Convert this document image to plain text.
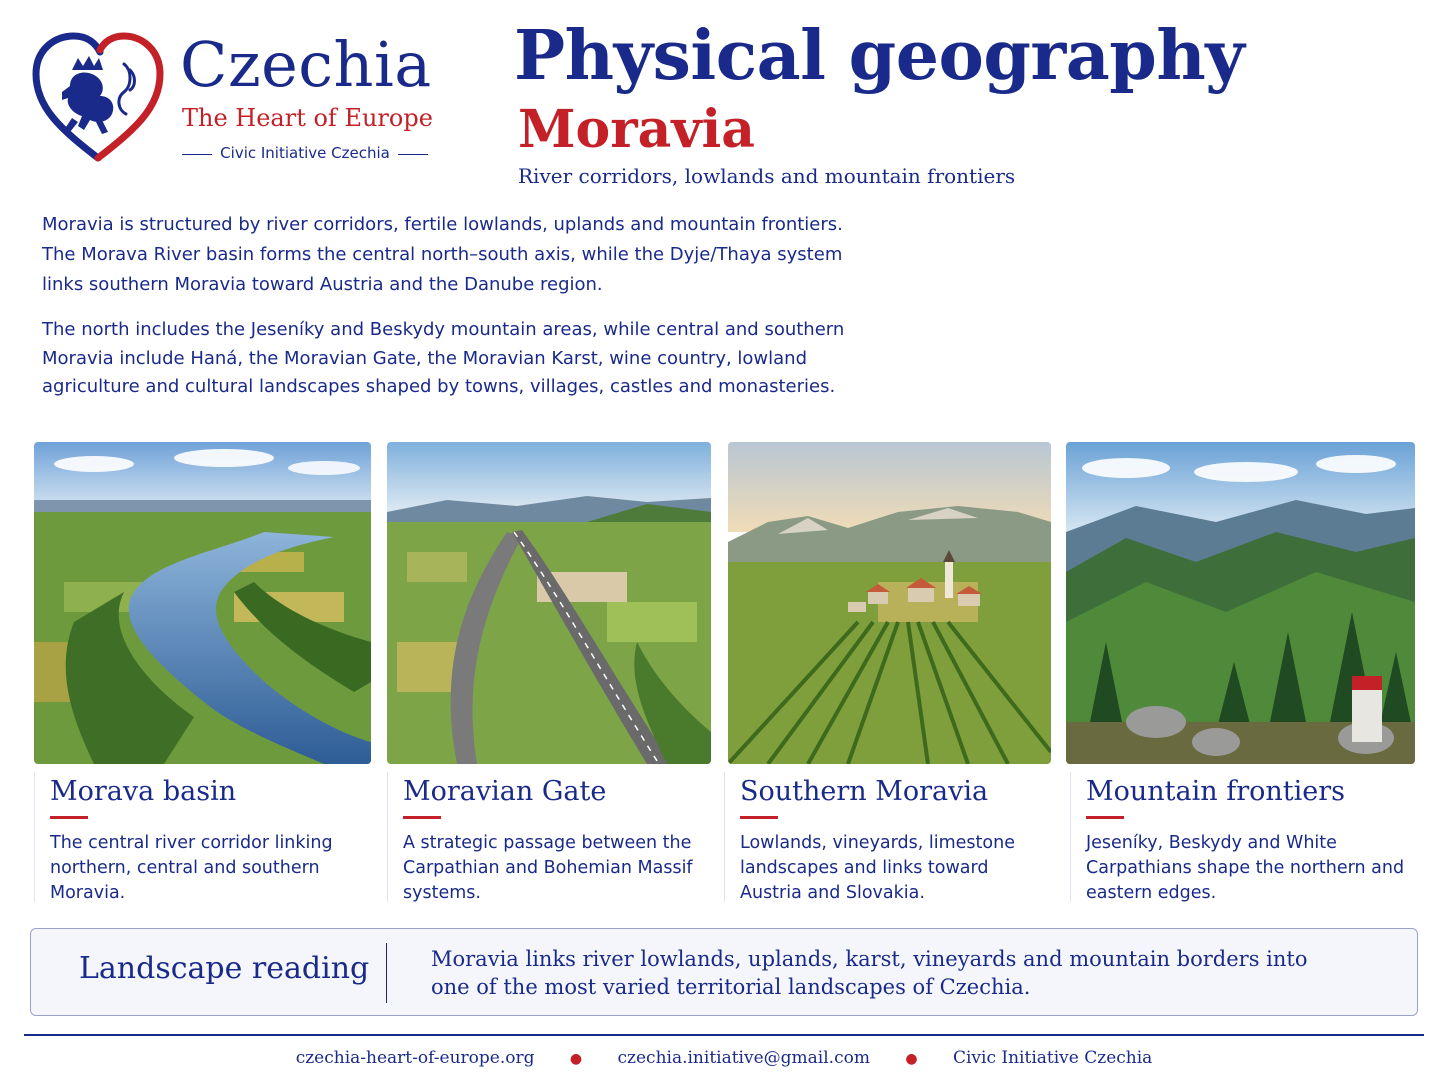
Czechia
The Heart of Europe
Civic Initiative Czechia
Physical geography
Moravia
River corridors, lowlands and mountain frontiers

Moravia is structured by river corridors, fertile lowlands, uplands and mountain frontiers. The Morava River basin forms the central north–south axis, while the Dyje/Thaya system links southern Moravia toward Austria and the Danube region.

The north includes the Jeseníky and Beskydy mountain areas, while central and southern Moravia include Haná, the Moravian Gate, the Moravian Karst, wine country, lowland agriculture and cultural landscapes shaped by towns, villages, castles and monasteries.

Morava basin
The central river corridor linking northern, central and southern Moravia.
Moravian Gate
A strategic passage between the Carpathian and Bohemian Massif systems.
Southern Moravia
Lowlands, vineyards, limestone landscapes and links toward Austria and Slovakia.
Mountain frontiers
Jeseníky, Beskydy and White Carpathians shape the northern and eastern edges.
Landscape reading	Moravia links river lowlands, uplands, karst, vineyards and mountain borders into one of the most varied territorial landscapes of Czechia.
czechia-heart-of-europe.org	● czechia.initiative@gmail.com	● Civic Initiative Czechia
